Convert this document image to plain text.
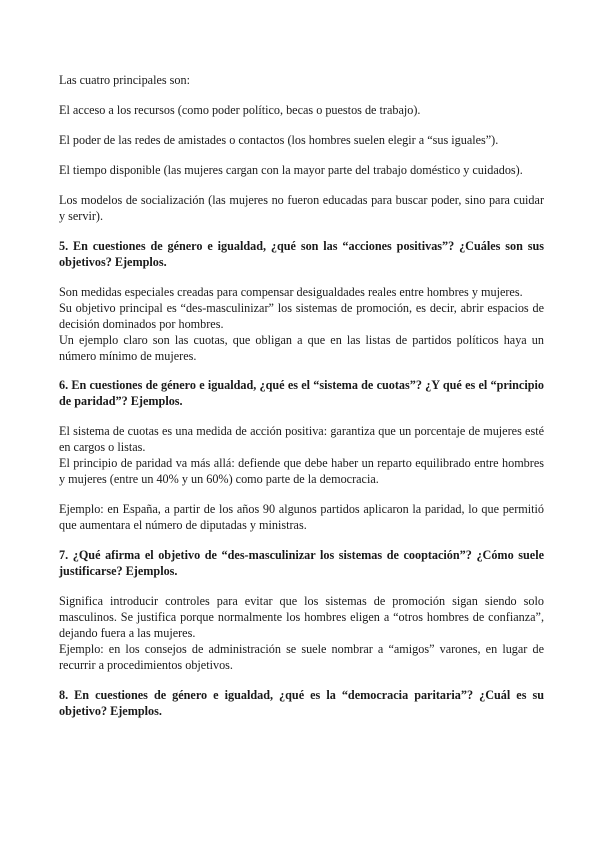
Las cuatro principales son:

El acceso a los recursos (como poder político, becas o puestos de trabajo).

El poder de las redes de amistades o contactos (los hombres suelen elegir a “sus iguales”).

El tiempo disponible (las mujeres cargan con la mayor parte del trabajo doméstico y cuidados).

Los modelos de socialización (las mujeres no fueron educadas para buscar poder, sino para cuidar y servir).

5. En cuestiones de género e igualdad, ¿qué son las “acciones positivas”? ¿Cuáles son sus objetivos? Ejemplos.

Son medidas especiales creadas para compensar desigualdades reales entre hombres y mujeres.

Su objetivo principal es “des-masculinizar” los sistemas de promoción, es decir, abrir espacios de decisión dominados por hombres.

Un ejemplo claro son las cuotas, que obligan a que en las listas de partidos políticos haya un número mínimo de mujeres.

6. En cuestiones de género e igualdad, ¿qué es el “sistema de cuotas”? ¿Y qué es el “principio de paridad”? Ejemplos.

El sistema de cuotas es una medida de acción positiva: garantiza que un porcentaje de mujeres esté en cargos o listas.

El principio de paridad va más allá: defiende que debe haber un reparto equilibrado entre hombres y mujeres (entre un 40% y un 60%) como parte de la democracia.

Ejemplo: en España, a partir de los años 90 algunos partidos aplicaron la paridad, lo que permitió que aumentara el número de diputadas y ministras.

7. ¿Qué afirma el objetivo de “des-masculinizar los sistemas de cooptación”? ¿Cómo suele justificarse? Ejemplos.

Significa introducir controles para evitar que los sistemas de promoción sigan siendo solo masculinos. Se justifica porque normalmente los hombres eligen a “otros hombres de confianza”, dejando fuera a las mujeres.

Ejemplo: en los consejos de administración se suele nombrar a “amigos” varones, en lugar de recurrir a procedimientos objetivos.

8. En cuestiones de género e igualdad, ¿qué es la “democracia paritaria”? ¿Cuál es su objetivo? Ejemplos.
